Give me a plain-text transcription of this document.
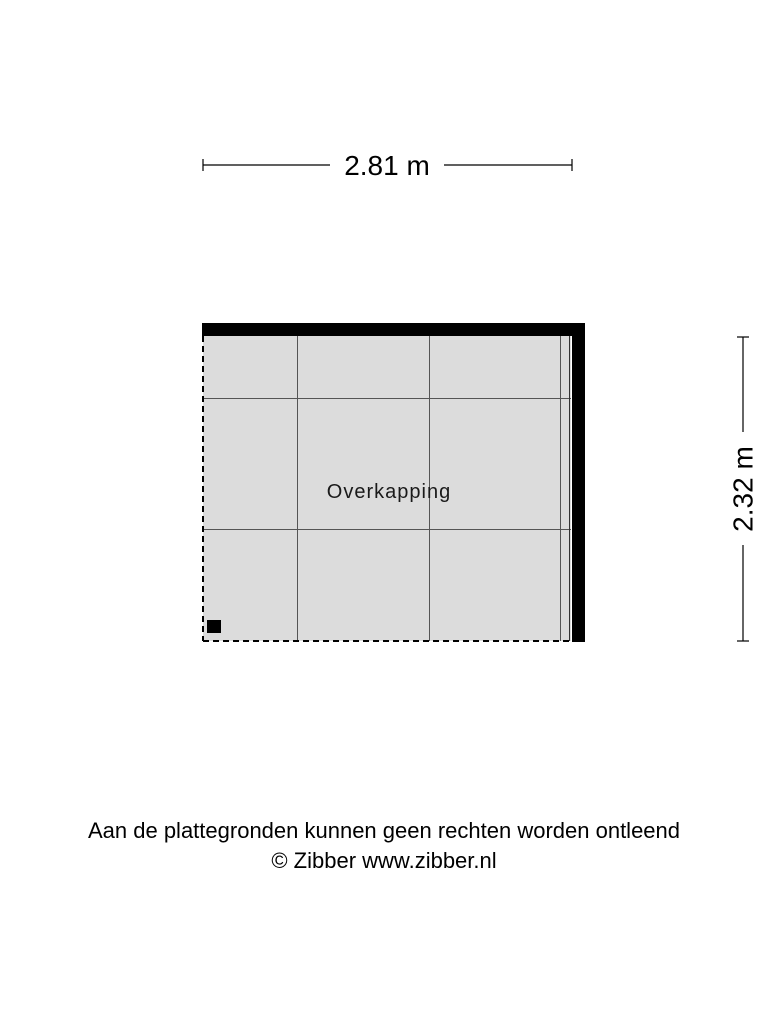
2.81 m
2.32 m
Overkapping
Aan de plattegronden kunnen geen rechten worden ontleend
© Zibber www.zibber.nl
